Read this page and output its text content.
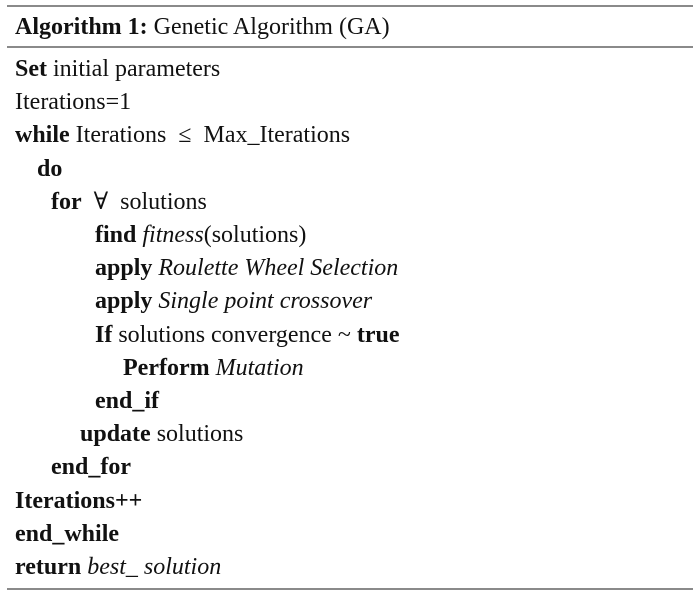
Algorithm 1: Genetic Algorithm (GA)
Set initial parameters
Iterations=1
while Iterations  ≤  Max_Iterations
do
for  ∀  solutions
find fitness(solutions)
apply Roulette Wheel Selection
apply Single point crossover
If solutions convergence ~ true
Perform Mutation
end_if
update solutions
end_for
Iterations++
end_while
return best_ solution
